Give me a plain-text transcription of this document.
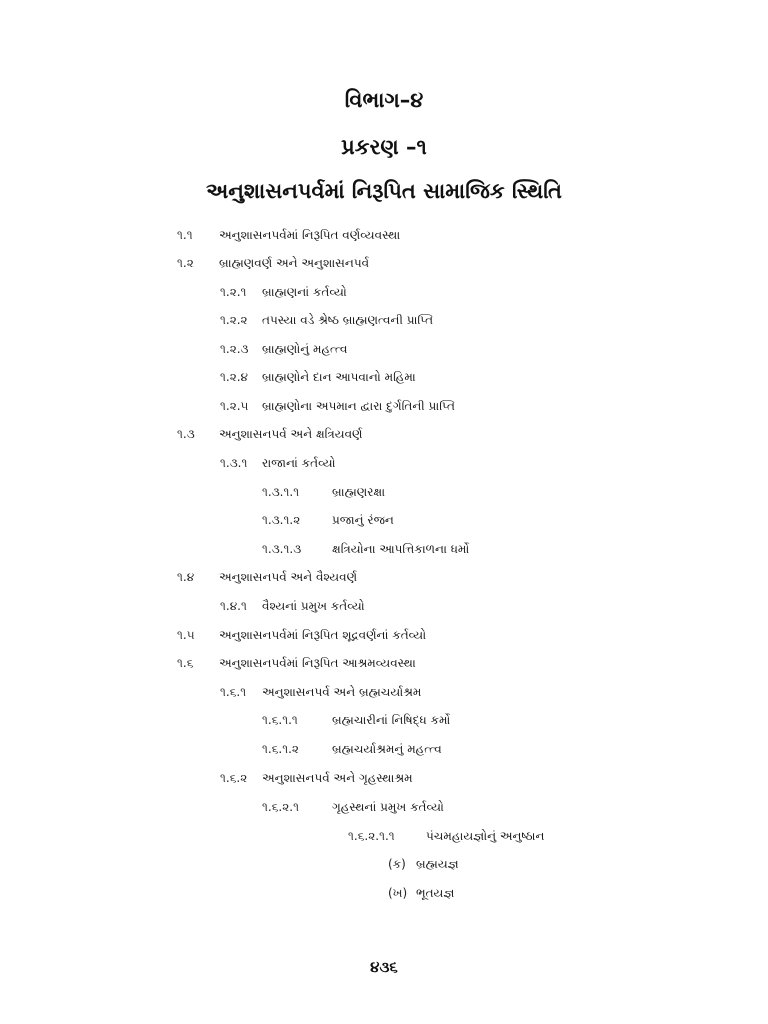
વિભાગ–૪
પ્રકરણ –૧
અનુશાસનપર્વમાં નિરૂપિત સામાજિક સ્થિતિ
૧.૧ અનુશાસનપર્વમાં નિરૂપિત વર્ણવ્યવસ્થા
૧.૨ બ્રાહ્મણવર્ણ અને અનુશાસનપર્વ
૧.૨.૧ બ્રાહ્મણનાં કર્તવ્યો
૧.૨.૨ તપસ્યા વડે શ્રેષ્ઠ બ્રાહ્મણત્વની પ્રાપ્તિ
૧.૨.૩ બ્રાહ્મણોનું મહત્ત્વ
૧.૨.૪ બ્રાહ્મણોને દાન આપવાનો મહિમા
૧.૨.૫ બ્રાહ્મણોના અપમાન દ્વારા દુર્ગતિની પ્રાપ્તિ
૧.૩ અનુશાસનપર્વ અને ક્ષત્રિયવર્ણ
૧.૩.૧ રાજાનાં કર્તવ્યો
૧.૩.૧.૧	બ્રાહ્મણરક્ષા
૧.૩.૧.૨	પ્રજાનું રંજન
૧.૩.૧.૩	ક્ષત્રિયોના આપત્તિકાળના ધર્મો
૧.૪ અનુશાસનપર્વ અને વૈશ્યવર્ણ
૧.૪.૧ વૈશ્યનાં પ્રમુખ કર્તવ્યો
૧.૫ અનુશાસનપર્વમાં નિરૂપિત શૂદ્રવર્ણનાં કર્તવ્યો
૧.૬ અનુશાસનપર્વમાં નિરૂપિત આશ્રમવ્યવસ્થા
૧.૬.૧ અનુશાસનપર્વ અને બ્રહ્મચર્યાશ્રમ
૧.૬.૧.૧	બ્રહ્મચારીનાં નિષિદ્ધ કર્મો
૧.૬.૧.૨	બ્રહ્મચર્યાશ્રમનું મહત્ત્વ
૧.૬.૨ અનુશાસનપર્વ અને ગૃહસ્થાશ્રમ
૧.૬.૨.૧	ગૃહસ્થનાં પ્રમુખ કર્તવ્યો
૧.૬.૨.૧.૧	પંચમહાયજ્ઞોનું અનુષ્ઠાન
(ક) બ્રહ્મયજ્ઞ
(ખ) ભૂતયજ્ઞ
૪૩૬
